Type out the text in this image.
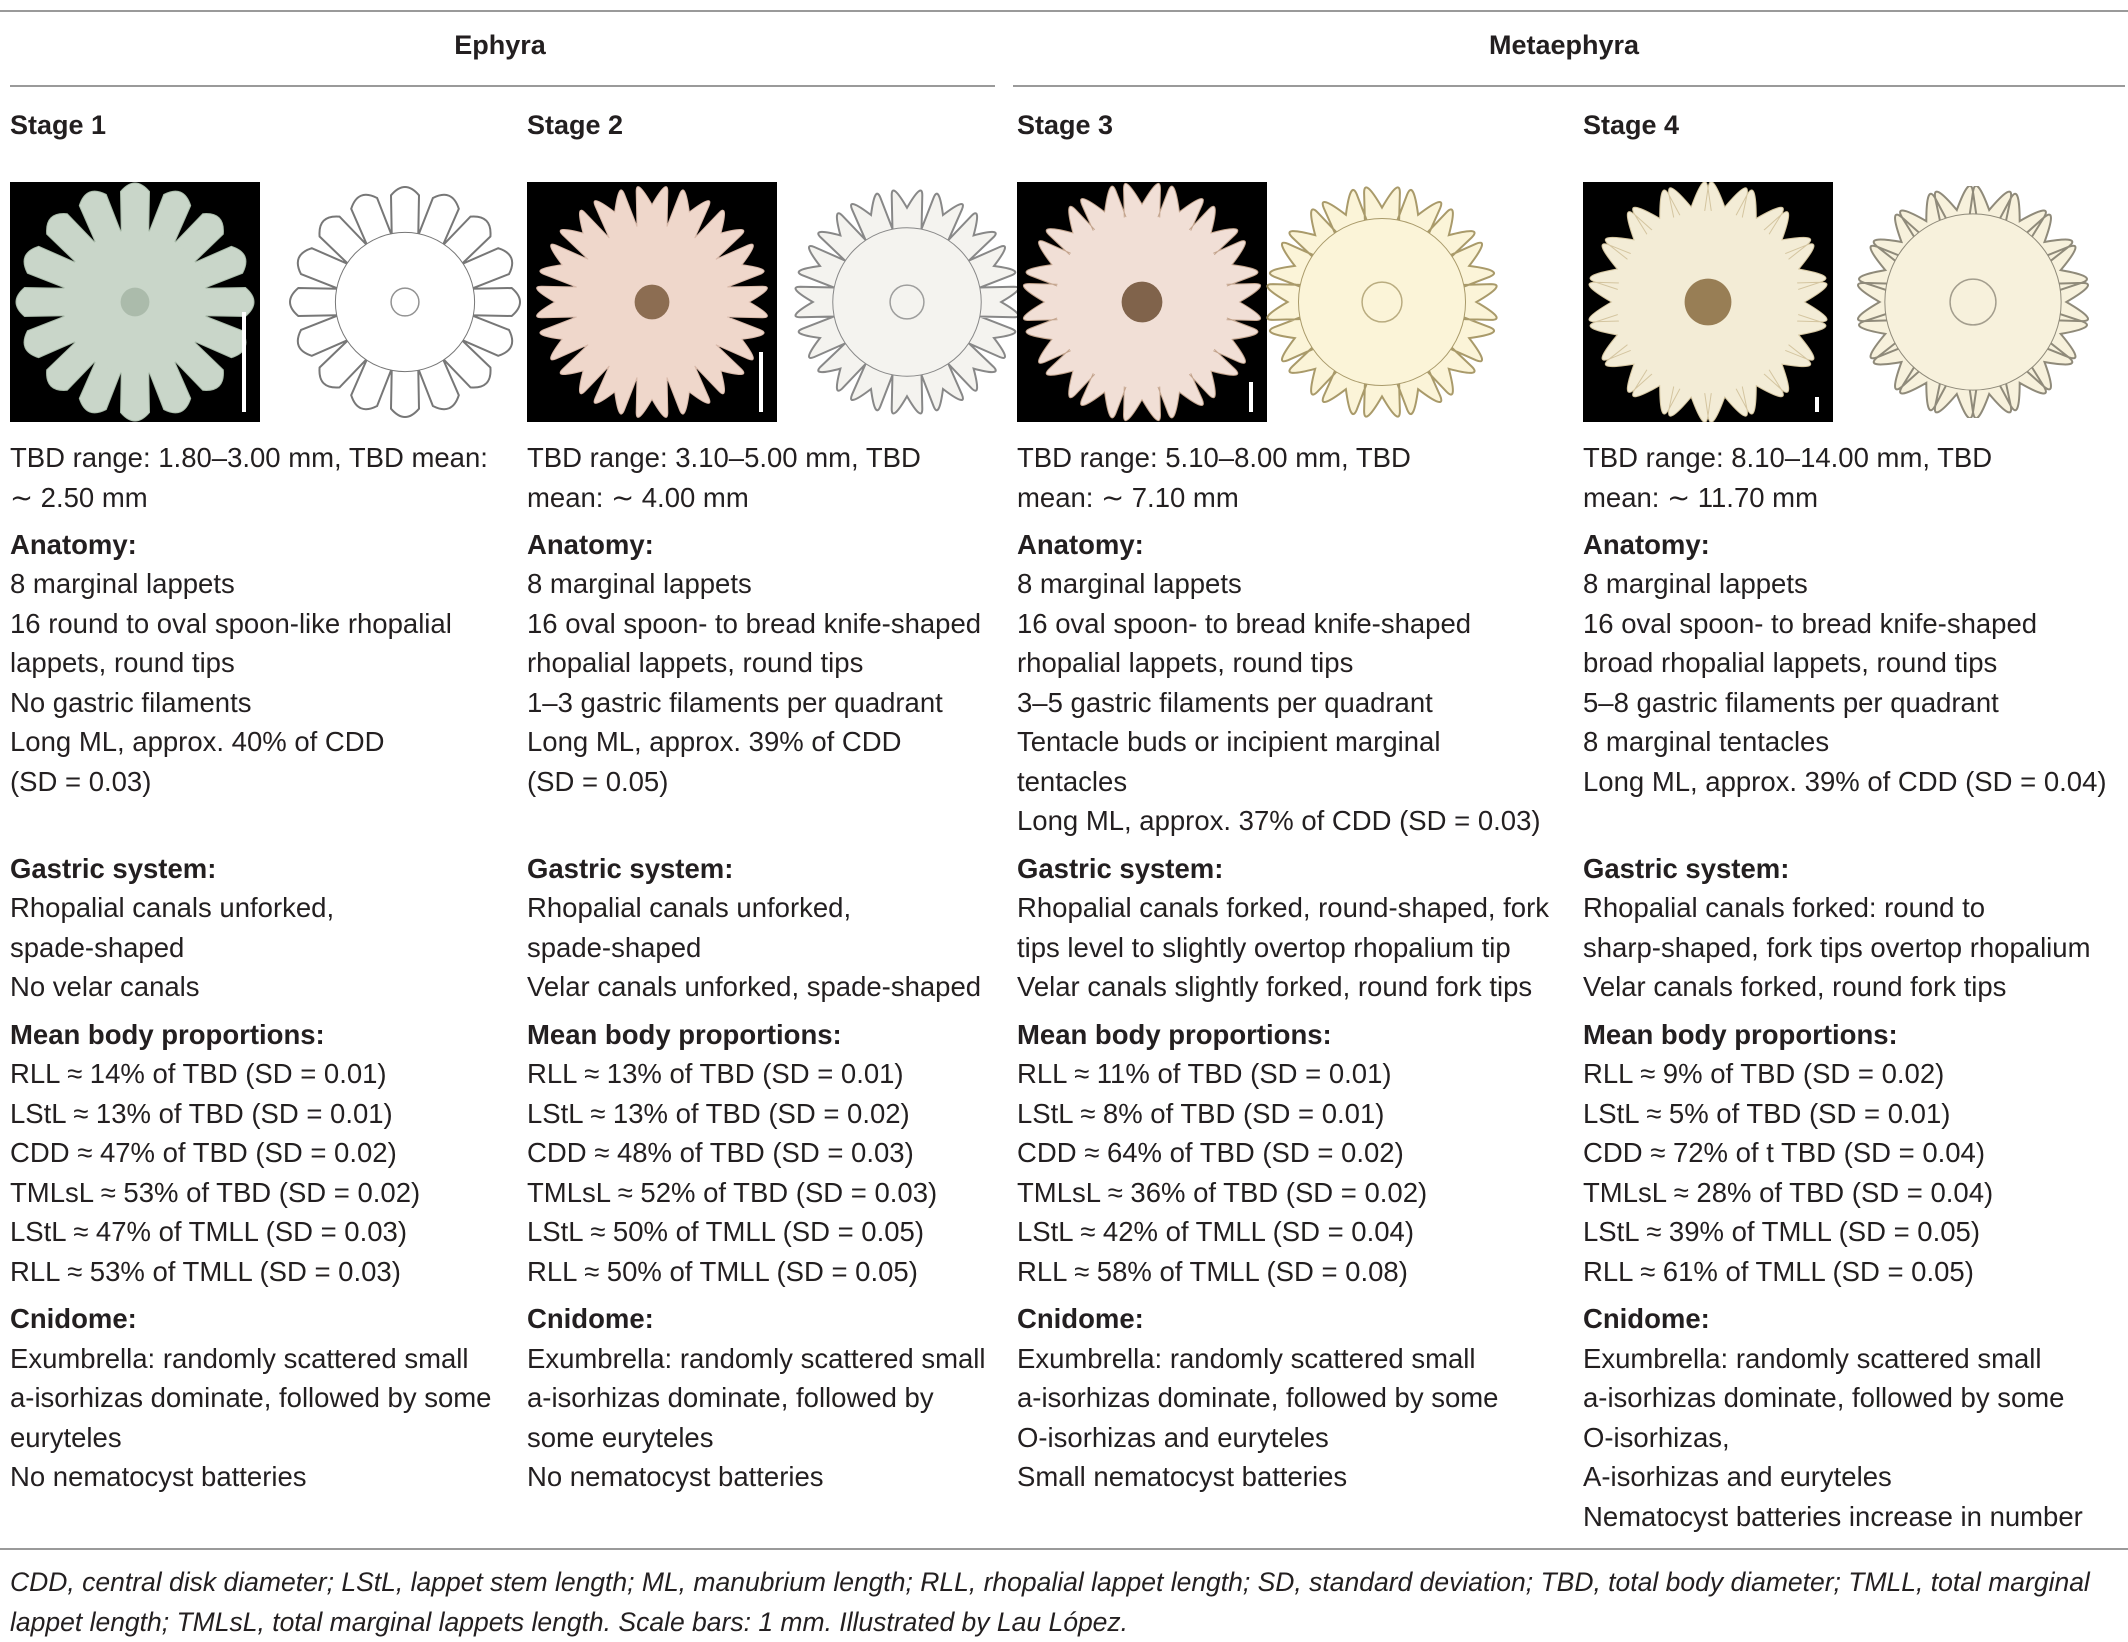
Ephyra	Metaephyra
Stage 1
TBD range: 1.80–3.00 mm, TBD mean:
∼ 2.50 mm
Anatomy:
8 marginal lappets
16 round to oval spoon-like rhopalial
lappets, round tips
No gastric filaments
Long ML, approx. 40% of CDD
(SD = 0.03)
Gastric system:
Rhopalial canals unforked,
spade-shaped
No velar canals
Mean body proportions:
RLL ≈ 14% of TBD (SD = 0.01)
LStL ≈ 13% of TBD (SD = 0.01)
CDD ≈ 47% of TBD (SD = 0.02)
TMLsL ≈ 53% of TBD (SD = 0.02)
LStL ≈ 47% of TMLL (SD = 0.03)
RLL ≈ 53% of TMLL (SD = 0.03)
Cnidome:
Exumbrella: randomly scattered small
a-isorhizas dominate, followed by some
euryteles
No nematocyst batteries
Stage 2
TBD range: 3.10–5.00 mm, TBD
mean: ∼ 4.00 mm
Anatomy:
8 marginal lappets
16 oval spoon- to bread knife-shaped
rhopalial lappets, round tips
1–3 gastric filaments per quadrant
Long ML, approx. 39% of CDD
(SD = 0.05)
Gastric system:
Rhopalial canals unforked,
spade-shaped
Velar canals unforked, spade-shaped
Mean body proportions:
RLL ≈ 13% of TBD (SD = 0.01)
LStL ≈ 13% of TBD (SD = 0.02)
CDD ≈ 48% of TBD (SD = 0.03)
TMLsL ≈ 52% of TBD (SD = 0.03)
LStL ≈ 50% of TMLL (SD = 0.05)
RLL ≈ 50% of TMLL (SD = 0.05)
Cnidome:
Exumbrella: randomly scattered small
a-isorhizas dominate, followed by
some euryteles
No nematocyst batteries
Stage 3
TBD range: 5.10–8.00 mm, TBD
mean: ∼ 7.10 mm
Anatomy:
8 marginal lappets
16 oval spoon- to bread knife-shaped
rhopalial lappets, round tips
3–5 gastric filaments per quadrant
Tentacle buds or incipient marginal
tentacles
Long ML, approx. 37% of CDD (SD = 0.03)
Gastric system:
Rhopalial canals forked, round-shaped, fork
tips level to slightly overtop rhopalium tip
Velar canals slightly forked, round fork tips
Mean body proportions:
RLL ≈ 11% of TBD (SD = 0.01)
LStL ≈ 8% of TBD (SD = 0.01)
CDD ≈ 64% of TBD (SD = 0.02)
TMLsL ≈ 36% of TBD (SD = 0.02)
LStL ≈ 42% of TMLL (SD = 0.04)
RLL ≈ 58% of TMLL (SD = 0.08)
Cnidome:
Exumbrella: randomly scattered small
a-isorhizas dominate, followed by some
O-isorhizas and euryteles
Small nematocyst batteries
Stage 4
TBD range: 8.10–14.00 mm, TBD
mean: ∼ 11.70 mm
Anatomy:
8 marginal lappets
16 oval spoon- to bread knife-shaped
broad rhopalial lappets, round tips
5–8 gastric filaments per quadrant
8 marginal tentacles
Long ML, approx. 39% of CDD (SD = 0.04)
Gastric system:
Rhopalial canals forked: round to
sharp-shaped, fork tips overtop rhopalium
Velar canals forked, round fork tips
Mean body proportions:
RLL ≈ 9% of TBD (SD = 0.02)
LStL ≈ 5% of TBD (SD = 0.01)
CDD ≈ 72% of t TBD (SD = 0.04)
TMLsL ≈ 28% of TBD (SD = 0.04)
LStL ≈ 39% of TMLL (SD = 0.05)
RLL ≈ 61% of TMLL (SD = 0.05)
Cnidome:
Exumbrella: randomly scattered small
a-isorhizas dominate, followed by some
O-isorhizas,
A-isorhizas and euryteles
Nematocyst batteries increase in number
CDD, central disk diameter; LStL, lappet stem length; ML, manubrium length; RLL, rhopalial lappet length; SD, standard deviation; TBD, total body diameter; TMLL, total marginal lappet length; TMLsL, total marginal lappets length. Scale bars: 1 mm. Illustrated by Lau López.
